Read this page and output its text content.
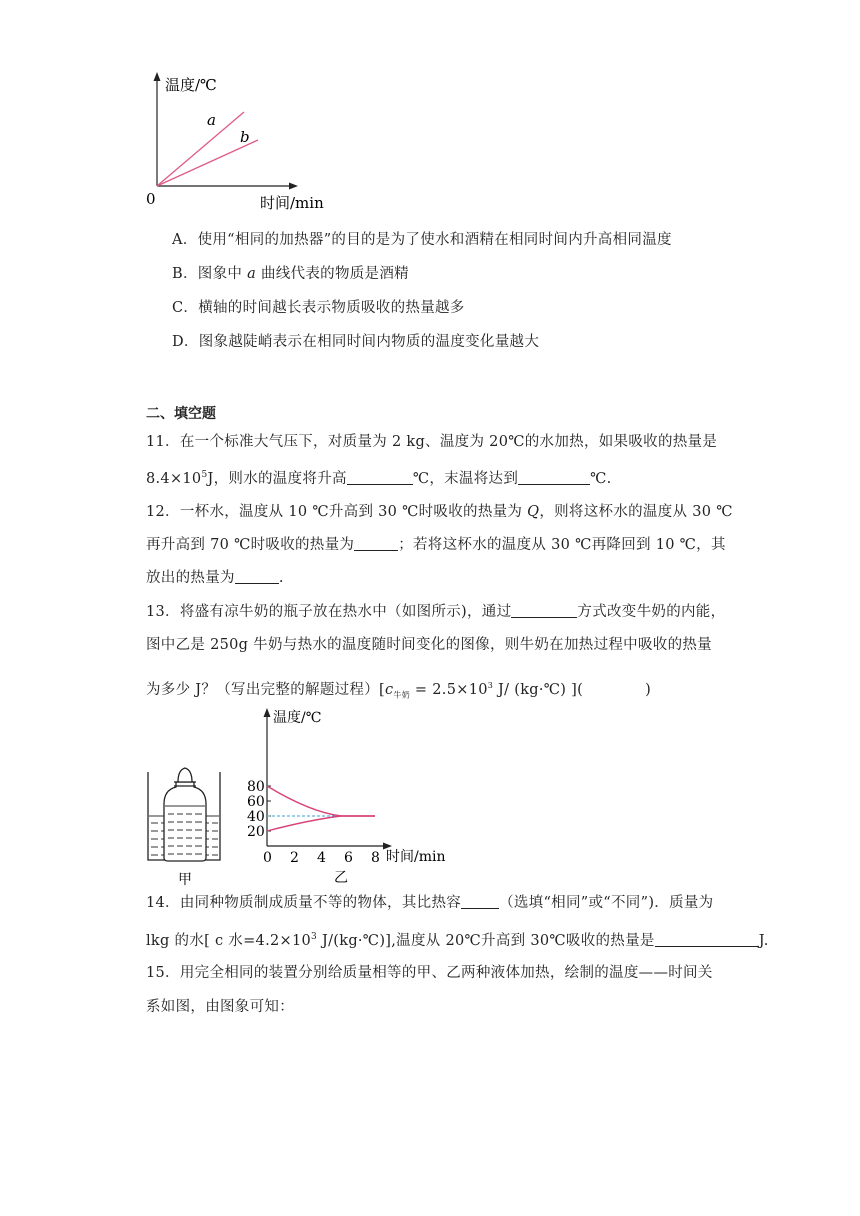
温度/℃
a
b
0	时间/min
A．使用“相同的加热器”的目的是为了使水和酒精在相同时间内升高相同温度
B．图象中 a 曲线代表的物质是酒精
C．横轴的时间越长表示物质吸收的热量越多
D．图象越陡峭表示在相同时间内物质的温度变化量越大
二、填空题
11．在一个标准大气压下，对质量为 2 kg、温度为 20℃的水加热，如果吸收的热量是
$8.4\times 10^5J$，则水的温度将升高	℃，末温将达到	℃.
12．一杯水，温度从 10 ℃升高到 30 ℃时吸收的热量为 Q，则将这杯水的温度从 30 ℃
再升高到 70 ℃时吸收的热量为	；若将这杯水的温度从 30 ℃再降回到 10 ℃，其
放出的热量为	.
13．将盛有凉牛奶的瓶子放在热水中（如图所示)，通过	方式改变牛奶的内能，
图中乙是 250g 牛奶与热水的温度随时间变化的图像，则牛奶在加热过程中吸收的热量
为多少 J？（写出完整的解题过程）[$c_{牛奶} = 2.5\times 10^3$ J/ (kg·℃) ](	)
甲
温度/℃
时间/min
0 2 4 6 8
20
40
60
80
乙
14．由同种物质制成质量不等的物体，其比热容	（选填“相同”或“不同”)．质量为
lkg 的水[ c 水$=4.2\times 10^3$ J/(kg·℃)],温度从 20℃升高到 30℃吸收的热量是	J.
15．用完全相同的装置分别给质量相等的甲、乙两种液体加热，绘制的温度——时间关
系如图，由图象可知：
